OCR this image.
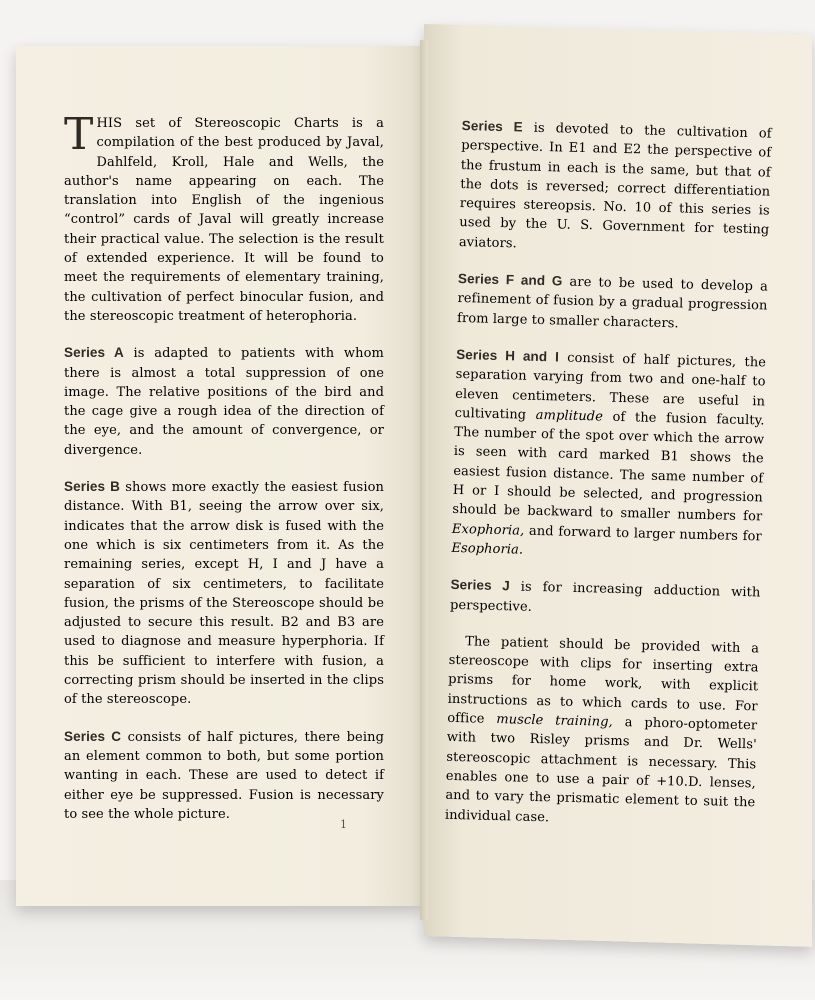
THIS set of Stereoscopic Charts is a compilation of the best produced by Javal, Dahlfeld, Kroll, Hale and Wells, the author's name appearing on each. The translation into English of the ingenious “control” cards of Javal will greatly increase their practical value. The selection is the result of extended experience. It will be found to meet the requirements of elementary training, the cultivation of perfect binocular fusion, and the stereoscopic treatment of heterophoria.

Series A is adapted to patients with whom there is almost a total suppression of one image. The relative positions of the bird and the cage give a rough idea of the direction of the eye, and the amount of convergence, or divergence.

Series B shows more exactly the easiest fusion distance. With B1, seeing the arrow over six, indicates that the arrow disk is fused with the one which is six centimeters from it. As the remaining series, except H, I and J have a separation of six centimeters, to facilitate fusion, the prisms of the Stereoscope should be adjusted to secure this result. B2 and B3 are used to diagnose and measure hyperphoria. If this be sufficient to interfere with fusion, a correcting prism should be inserted in the clips of the stereoscope.

Series C consists of half pictures, there being an element common to both, but some portion wanting in each. These are used to detect if either eye be suppressed. Fusion is necessary to see the whole picture.

1

Series E is devoted to the cultivation of perspective. In E1 and E2 the perspective of the frustum in each is the same, but that of the dots is reversed; correct differentiation requires stereopsis. No. 10 of this series is used by the U. S. Government for testing aviators.

Series F and G are to be used to develop a refinement of fusion by a gradual progression from large to smaller characters.

Series H and I consist of half pictures, the separation varying from two and one-half to eleven centimeters. These are useful in cultivating amplitude of the fusion faculty. The number of the spot over which the arrow is seen with card marked B1 shows the easiest fusion distance. The same number of H or I should be selected, and progression should be backward to smaller numbers for Exophoria, and forward to larger numbers for Esophoria.

Series J is for increasing adduction with perspective.

The patient should be provided with a stereoscope with clips for inserting extra prisms for home work, with explicit instructions as to which cards to use. For office muscle training, a phoro-optometer with two Risley prisms and Dr. Wells' stereoscopic attachment is necessary. This enables one to use a pair of +10.D. lenses, and to vary the prismatic element to suit the individual case.
